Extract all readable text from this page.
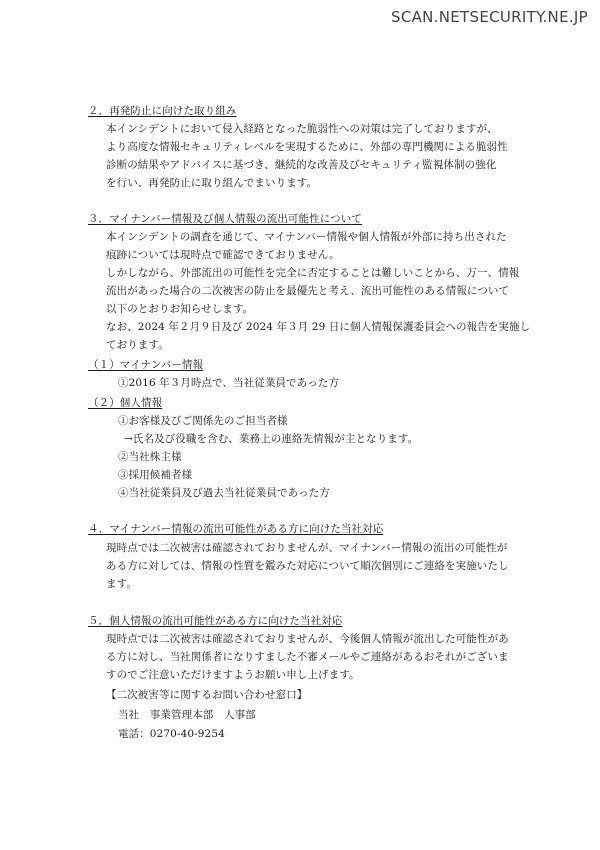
SCAN.NETSECURITY.NE.JP
２．再発防止に向けた取り組み
本インシデントにおいて侵入経路となった脆弱性への対策は完了しておりますが、
より高度な情報セキュリティレベルを実現するために、外部の専門機関による脆弱性
診断の結果やアドバイスに基づき、継続的な改善及びセキュリティ監視体制の強化
を行い、再発防止に取り組んでまいります。
３．マイナンバー情報及び個人情報の流出可能性について
本インシデントの調査を通じて、マイナンバー情報や個人情報が外部に持ち出された
痕跡については現時点で確認できておりません。
しかしながら、外部流出の可能性を完全に否定することは難しいことから、万一、情報
流出があった場合の二次被害の防止を最優先と考え、流出可能性のある情報について
以下のとおりお知らせします。
なお、2024 年２月９日及び 2024 年３月 29 日に個人情報保護委員会への報告を実施し
ております。
（１）マイナンバー情報
①2016 年３月時点で、当社従業員であった方
（２）個人情報
①お客様及びご関係先のご担当者様
→氏名及び役職を含む、業務上の連絡先情報が主となります。
②当社株主様
③採用候補者様
④当社従業員及び過去当社従業員であった方
４．マイナンバー情報の流出可能性がある方に向けた当社対応
現時点では二次被害は確認されておりませんが、マイナンバー情報の流出の可能性が
ある方に対しては、情報の性質を鑑みた対応について順次個別にご連絡を実施いたし
ます。
５．個人情報の流出可能性がある方に向けた当社対応
現時点では二次被害は確認されておりませんが、今後個人情報が流出した可能性があ
る方に対し、当社関係者になりすました不審メールやご連絡があるおそれがございま
すのでご注意いただけますようお願い申し上げます。
【二次被害等に関するお問い合わせ窓口】
当社　事業管理本部　人事部
電話：0270-40-9254
